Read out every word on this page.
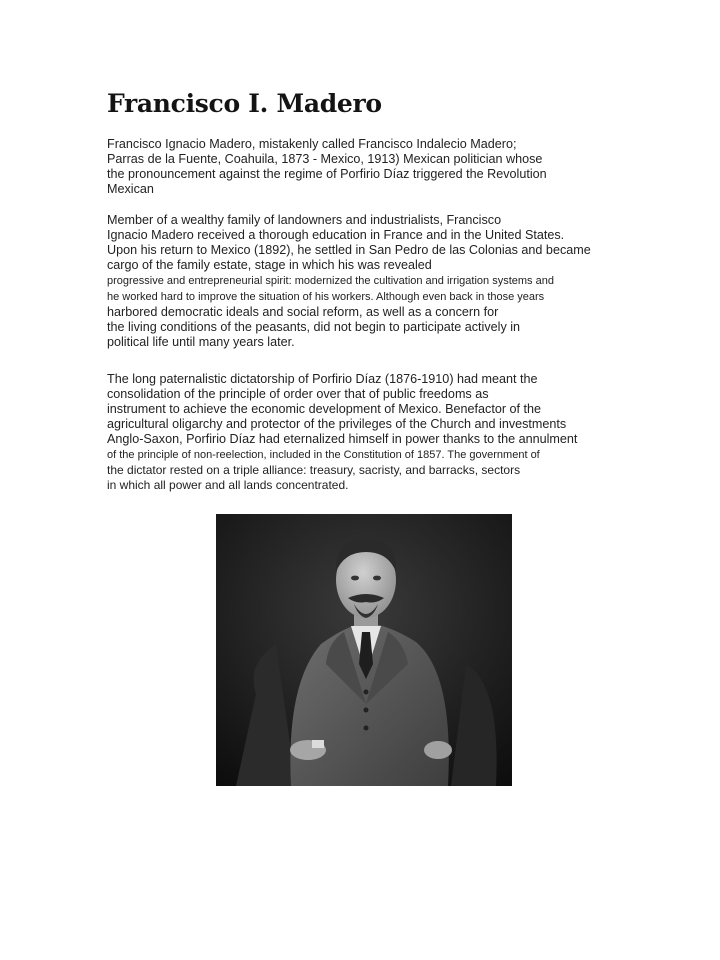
Francisco I. Madero
Francisco Ignacio Madero, mistakenly called Francisco Indalecio Madero;
Parras de la Fuente, Coahuila, 1873 - Mexico, 1913) Mexican politician whose
the pronouncement against the regime of Porfirio Díaz triggered the Revolution
Mexican
Member of a wealthy family of landowners and industrialists, Francisco
Ignacio Madero received a thorough education in France and in the United States.
Upon his return to Mexico (1892), he settled in San Pedro de las Colonias and became
cargo of the family estate, stage in which his was revealed
progressive and entrepreneurial spirit: modernized the cultivation and irrigation systems and
he worked hard to improve the situation of his workers. Although even back in those years
harbored democratic ideals and social reform, as well as a concern for
the living conditions of the peasants, did not begin to participate actively in
political life until many years later.
The long paternalistic dictatorship of Porfirio Díaz (1876-1910) had meant the
consolidation of the principle of order over that of public freedoms as
instrument to achieve the economic development of Mexico. Benefactor of the
agricultural oligarchy and protector of the privileges of the Church and investments
Anglo-Saxon, Porfirio Díaz had eternalized himself in power thanks to the annulment
of the principle of non-reelection, included in the Constitution of 1857. The government of
the dictator rested on a triple alliance: treasury, sacristy, and barracks, sectors
in which all power and all lands concentrated.
